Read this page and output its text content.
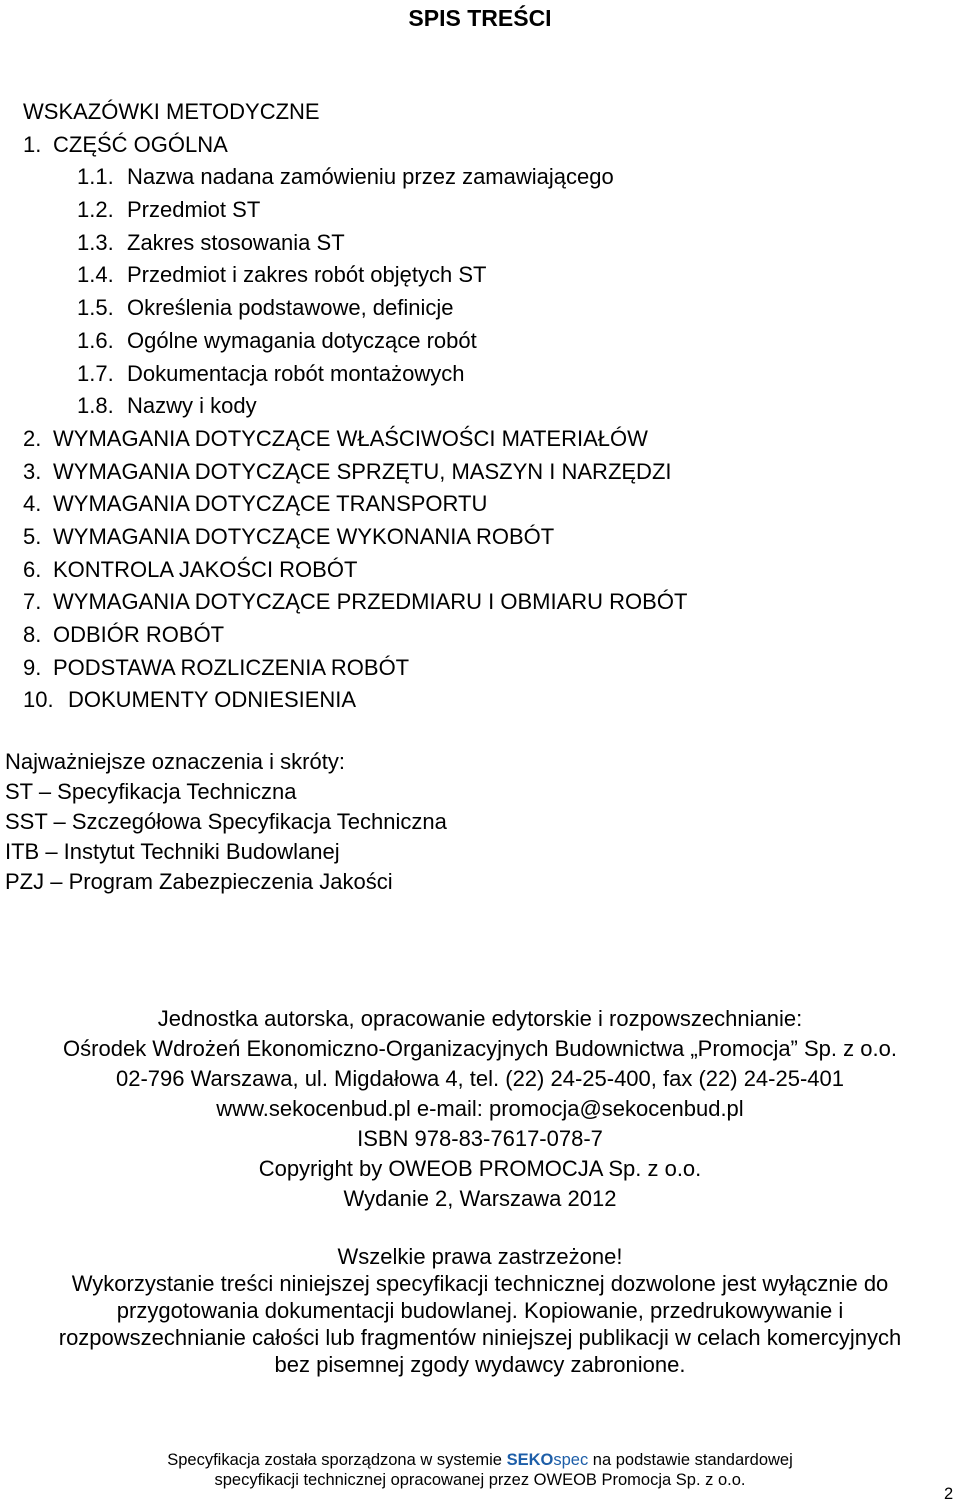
SPIS TREŚCI
WSKAZÓWKI METODYCZNE
1. CZĘŚĆ OGÓLNA
1.1. Nazwa nadana zamówieniu przez zamawiającego
1.2. Przedmiot ST
1.3. Zakres stosowania ST
1.4. Przedmiot i zakres robót objętych ST
1.5. Określenia podstawowe, definicje
1.6. Ogólne wymagania dotyczące robót
1.7. Dokumentacja robót montażowych
1.8. Nazwy i kody
2. WYMAGANIA DOTYCZĄCE WŁAŚCIWOŚCI MATERIAŁÓW
3. WYMAGANIA DOTYCZĄCE SPRZĘTU, MASZYN I NARZĘDZI
4. WYMAGANIA DOTYCZĄCE TRANSPORTU
5. WYMAGANIA DOTYCZĄCE WYKONANIA ROBÓT
6. KONTROLA JAKOŚCI ROBÓT
7. WYMAGANIA DOTYCZĄCE PRZEDMIARU I OBMIARU ROBÓT
8. ODBIÓR ROBÓT
9. PODSTAWA ROZLICZENIA ROBÓT
10. DOKUMENTY ODNIESIENIA
Najważniejsze oznaczenia i skróty:
ST – Specyfikacja Techniczna
SST – Szczegółowa Specyfikacja Techniczna
ITB – Instytut Techniki Budowlanej
PZJ – Program Zabezpieczenia Jakości
Jednostka autorska, opracowanie edytorskie i rozpowszechnianie:
Ośrodek Wdrożeń Ekonomiczno-Organizacyjnych Budownictwa „Promocja” Sp. z o.o.
02-796 Warszawa, ul. Migdałowa 4, tel. (22) 24-25-400, fax (22) 24-25-401
www.sekocenbud.pl e-mail: promocja@sekocenbud.pl
ISBN 978-83-7617-078-7
Copyright by OWEOB PROMOCJA Sp. z o.o.
Wydanie 2, Warszawa 2012
Wszelkie prawa zastrzeżone!
Wykorzystanie treści niniejszej specyfikacji technicznej dozwolone jest wyłącznie do
przygotowania dokumentacji budowlanej. Kopiowanie, przedrukowywanie i
rozpowszechnianie całości lub fragmentów niniejszej publikacji w celach komercyjnych
bez pisemnej zgody wydawcy zabronione.
Specyfikacja została sporządzona w systemie SEKOspec na podstawie standardowej
specyfikacji technicznej opracowanej przez OWEOB Promocja Sp. z o.o.
2
